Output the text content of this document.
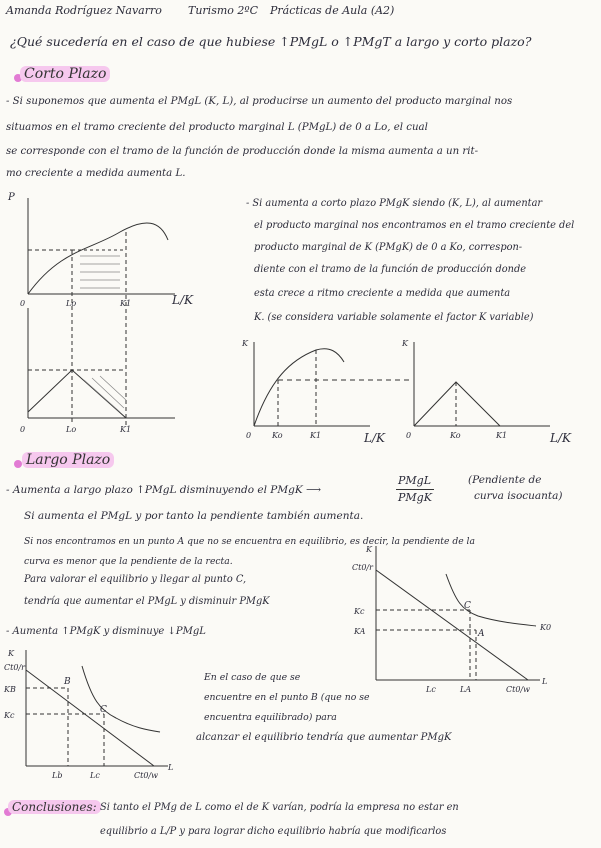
Amanda Rodríguez Navarro Turismo 2ºC Prácticas de Aula (A2)
¿Qué sucedería en el caso de que hubiese ↑PMgL o ↑PMgT a largo y corto plazo?
Corto Plazo
- Si suponemos que aumenta el PMgL (K, L), al producirse un aumento del producto marginal nos
situamos en el tramo creciente del producto marginal L (PMgL) de 0 a Lo, el cual
se corresponde con el tramo de la función de producción donde la misma aumenta a un rit-
mo creciente a medida aumenta L.
P
L/K
0	Lo	K1
0	Lo	K1
- Si aumenta a corto plazo PMgK siendo (K, L), al aumentar
el producto marginal nos encontramos en el tramo creciente del
producto marginal de K (PMgK) de 0 a Ko, correspon-
diente con el tramo de la función de producción donde
esta crece a ritmo creciente a medida que aumenta
K. (se considera variable solamente el factor K variable)
K
0	Ko	K1	L/K
K
0	Ko	K1	L/K
Largo Plazo
- Aumenta a largo plazo ↑PMgL disminuyendo el PMgK ⟶
PMgL
PMgK
(Pendiente de
curva isocuanta)
Si aumenta el PMgL y por tanto la pendiente también aumenta.
Si nos encontramos en un punto A que no se encuentra en equilibrio, es decir, la pendiente de la
curva es menor que la pendiente de la recta.
Para valorar el equilibrio y llegar al punto C,
tendría que aumentar el PMgL y disminuir PMgK
- Aumenta ↑PMgK y disminuye ↓PMgL
K
Ct0/r
C
A
Kc
KA
Lc	LA	Ct0/w
K0
L
K
Ct0/r
B
C
KB
Kc
Lb	Lc	Ct0/w
L
En el caso de que se
encuentre en el punto B (que no se
encuentra equilibrado) para
alcanzar el equilibrio tendría que aumentar PMgK
Conclusiones: Si tanto el PMg de L como el de K varían, podría la empresa no estar en
equilibrio a L/P y para lograr dicho equilibrio habría que modificarlos
